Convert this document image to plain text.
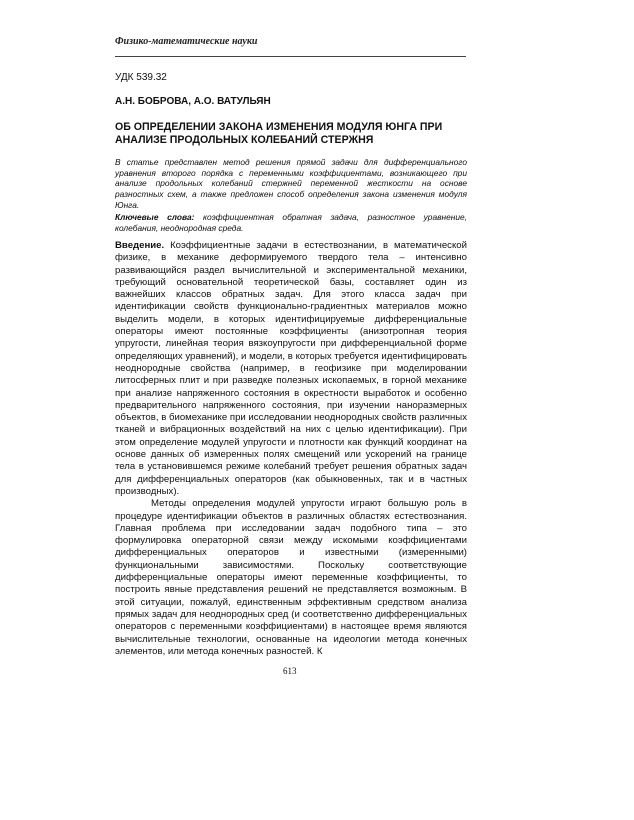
Физико-математические науки
УДК 539.32
А.Н. БОБРОВА, А.О. ВАТУЛЬЯН
ОБ ОПРЕДЕЛЕНИИ ЗАКОНА ИЗМЕНЕНИЯ МОДУЛЯ ЮНГА ПРИ АНАЛИЗЕ ПРОДОЛЬНЫХ КОЛЕБАНИЙ СТЕРЖНЯ

В статье представлен метод решения прямой задачи для дифференциального уравнения второго порядка с переменными коэффициентами, возникающего при анализе продольных колебаний стержней переменной жесткости на основе разностных схем, а также предложен способ определения закона изменения модуля Юнга.

Ключевые слова: коэффициентная обратная задача, разностное уравнение, колебания, неоднородная среда.

Введение. Коэффициентные задачи в естествознании, в математической физике, в механике деформируемого твердого тела – интенсивно развивающийся раздел вычислительной и экспериментальной механики, требующий основательной теоретической базы, составляет один из важнейших классов обратных задач. Для этого класса задач при идентификации свойств функционально-градиентных материалов можно выделить модели, в которых идентифицируемые дифференциальные операторы имеют постоянные коэффициенты (анизотропная теория упругости, линейная теория вязкоупругости при дифференциальной форме определяющих уравнений), и модели, в которых требуется идентифицировать неоднородные свойства (например, в геофизике при моделировании литосферных плит и при разведке полезных ископаемых, в горной механике при анализе напряженного состояния в окрестности выработок и особенно предварительного напряженного состояния, при изучении наноразмерных объектов, в биомеханике при исследовании неоднородных свойств различных тканей и вибрационных воздействий на них с целью идентификации). При этом определение модулей упругости и плотности как функций координат на основе данных об измеренных полях смещений или ускорений на границе тела в установившемся режиме колебаний требует решения обратных задач для дифференциальных операторов (как обыкновенных, так и в частных производных).

Методы определения модулей упругости играют большую роль в процедуре идентификации объектов в различных областях естествознания. Главная проблема при исследовании задач подобного типа – это формулировка операторной связи между искомыми коэффициентами дифференциальных операторов и известными (измеренными) функциональными зависимостями. Поскольку соответствующие дифференциальные операторы имеют переменные коэффициенты, то построить явные представления решений не представляется возможным. В этой ситуации, пожалуй, единственным эффективным средством анализа прямых задач для неоднородных сред (и соответственно дифференциальных операторов с переменными коэффициентами) в настоящее время являются вычислительные технологии, основанные на идеологии метода конечных элементов, или метода конечных разностей. К

613
